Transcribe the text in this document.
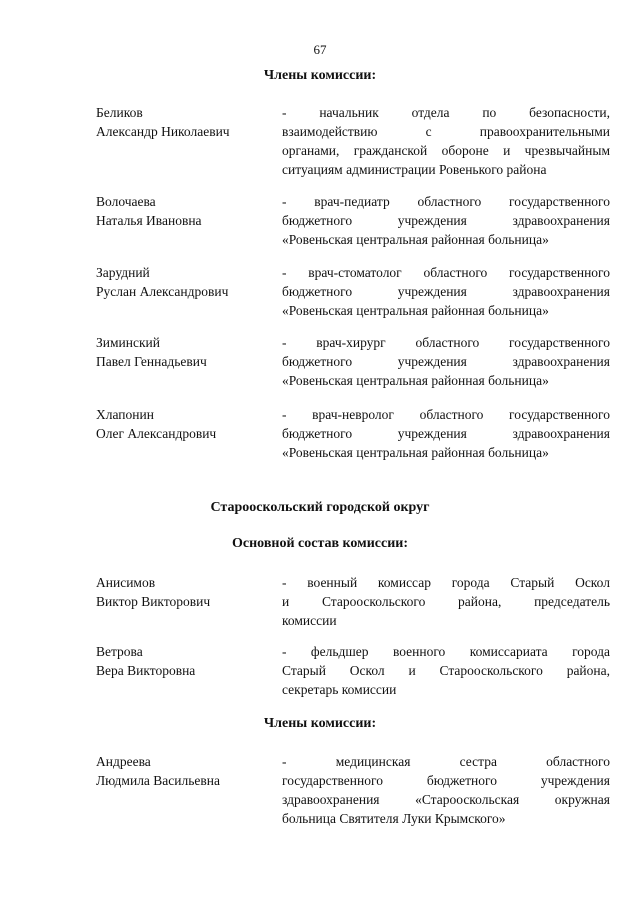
67
Члены комиссии:
Беликов
Александр Николаевич
- начальник отдела по безопасности,
взаимодействию с правоохранительными
органами, гражданской обороне и чрезвычайным
ситуациям администрации Ровенького района
Волочаева
Наталья Ивановна
- врач-педиатр областного государственного
бюджетного учреждения здравоохранения
«Ровеньская центральная районная больница»
Зарудний
Руслан Александрович
- врач-стоматолог областного государственного
бюджетного учреждения здравоохранения
«Ровеньская центральная районная больница»
Зиминский
Павел Геннадьевич
- врач-хирург областного государственного
бюджетного учреждения здравоохранения
«Ровеньская центральная районная больница»
Хлапонин
Олег Александрович
- врач-невролог областного государственного
бюджетного учреждения здравоохранения
«Ровеньская центральная районная больница»
Старооскольский городской округ
Основной состав комиссии:
Анисимов
Виктор Викторович
- военный комиссар города Старый Оскол
и Старооскольского района, председатель
комиссии
Ветрова
Вера Викторовна
- фельдшер военного комиссариата города
Старый Оскол и Старооскольского района,
секретарь комиссии
Члены комиссии:
Андреева
Людмила Васильевна
- медицинская сестра областного
государственного бюджетного учреждения
здравоохранения «Старооскольская окружная
больница Святителя Луки Крымского»
